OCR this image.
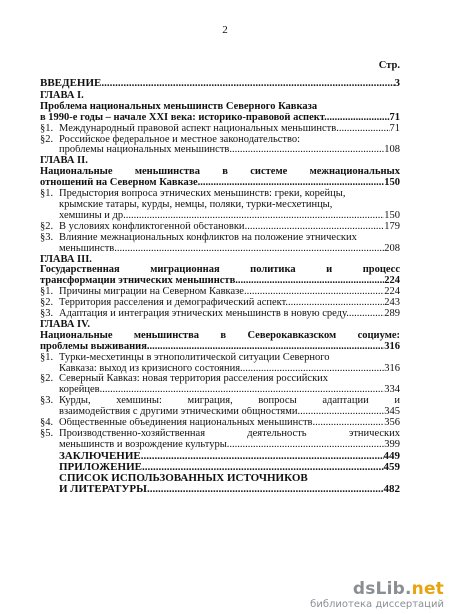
2
Стр.
ВВЕДЕНИЕ .....	3
ГЛАВА I.
Проблема национальных меньшинств Северного Кавказа
в 1990-е годы – начале XXI века: историко-правовой аспект .....	71
§1. Международный правовой аспект национальных меньшинств .....	71
§2. Российское федеральное и местное законодательство:
проблемы национальных меньшинств .....	108
ГЛАВА II.
Национальные меньшинства в системе межнациональных
отношений на Северном Кавказе .....	150
§1. Предыстория вопроса этнических меньшинств: греки, корейцы,
крымские татары, курды, немцы, поляки, турки-месхетинцы,
хемшины и др. .....	150
§2. В условиях конфликтогенной обстановки .....	179
§3. Влияние межнациональных конфликтов на положение этнических
меньшинств .....	208
ГЛАВА III.
Государственная миграционная политика и процесс
трансформации этнических меньшинств .....	224
§1. Причины миграции на Северном Кавказе .....	224
§2. Территория расселения и демографический аспект .....	243
§3. Адаптация и интеграция этнических меньшинств в новую среду .....	289
ГЛАВА IV.
Национальные меньшинства в Северокавказском социуме:
проблемы выживания .....	316
§1. Турки-месхетинцы в этнополитической ситуации Северного
Кавказа: выход из кризисного состояния .....	316
§2. Северный Кавказ: новая территория расселения российских
корейцев .....	334
§3. Курды, хемшины: миграция, вопросы адаптации и
взаимодействия с другими этническими общностями .....	345
§4. Общественные объединения национальных меньшинств .....	356
§5. Производственно-хозяйственная деятельность этнических
меньшинств и возрождение культуры .....	399
ЗАКЛЮЧЕНИЕ .....	449
ПРИЛОЖЕНИЕ .....	459
СПИСОК ИСПОЛЬЗОВАННЫХ ИСТОЧНИКОВ
И ЛИТЕРАТУРЫ .....	482
dsLib.net
библиотека диссертаций
